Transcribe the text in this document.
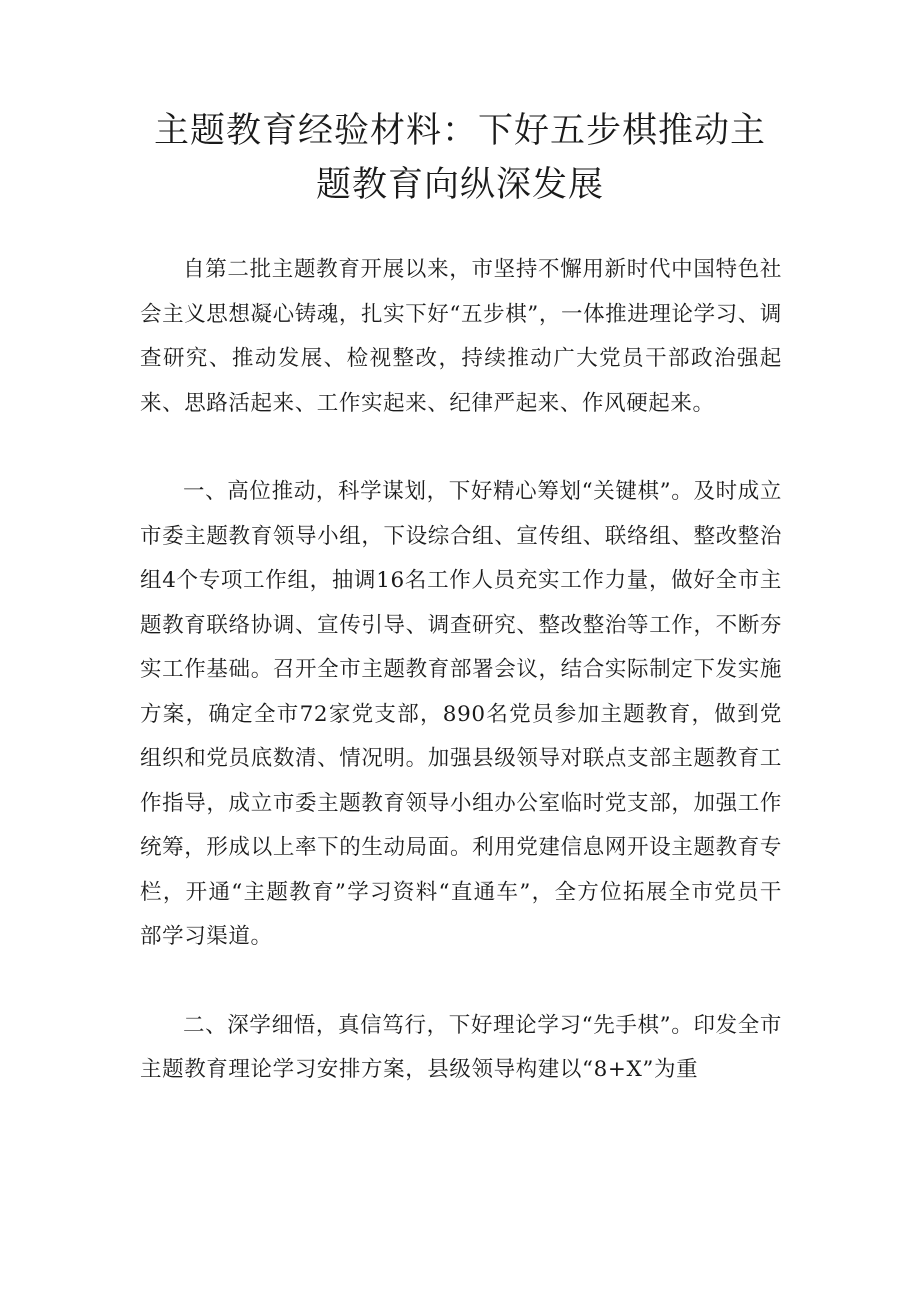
主题教育经验材料：下好五步棋推动主题教育向纵深发展

自第二批主题教育开展以来，市坚持不懈用新时代中国特色社会主义思想凝心铸魂，扎实下好“五步棋”，一体推进理论学习、调查研究、推动发展、检视整改，持续推动广大党员干部政治强起来、思路活起来、工作实起来、纪律严起来、作风硬起来。

一、高位推动，科学谋划，下好精心筹划“关键棋”。及时成立市委主题教育领导小组，下设综合组、宣传组、联络组、整改整治组4个专项工作组，抽调16名工作人员充实工作力量，做好全市主题教育联络协调、宣传引导、调查研究、整改整治等工作，不断夯实工作基础。召开全市主题教育部署会议，结合实际制定下发实施方案，确定全市72家党支部，890名党员参加主题教育，做到党组织和党员底数清、情况明。加强县级领导对联点支部主题教育工作指导，成立市委主题教育领导小组办公室临时党支部，加强工作统筹，形成以上率下的生动局面。利用党建信息网开设主题教育专栏，开通“主题教育”学习资料“直通车”，全方位拓展全市党员干部学习渠道。

二、深学细悟，真信笃行，下好理论学习“先手棋”。印发全市主题教育理论学习安排方案，县级领导构建以“8+X”为重
